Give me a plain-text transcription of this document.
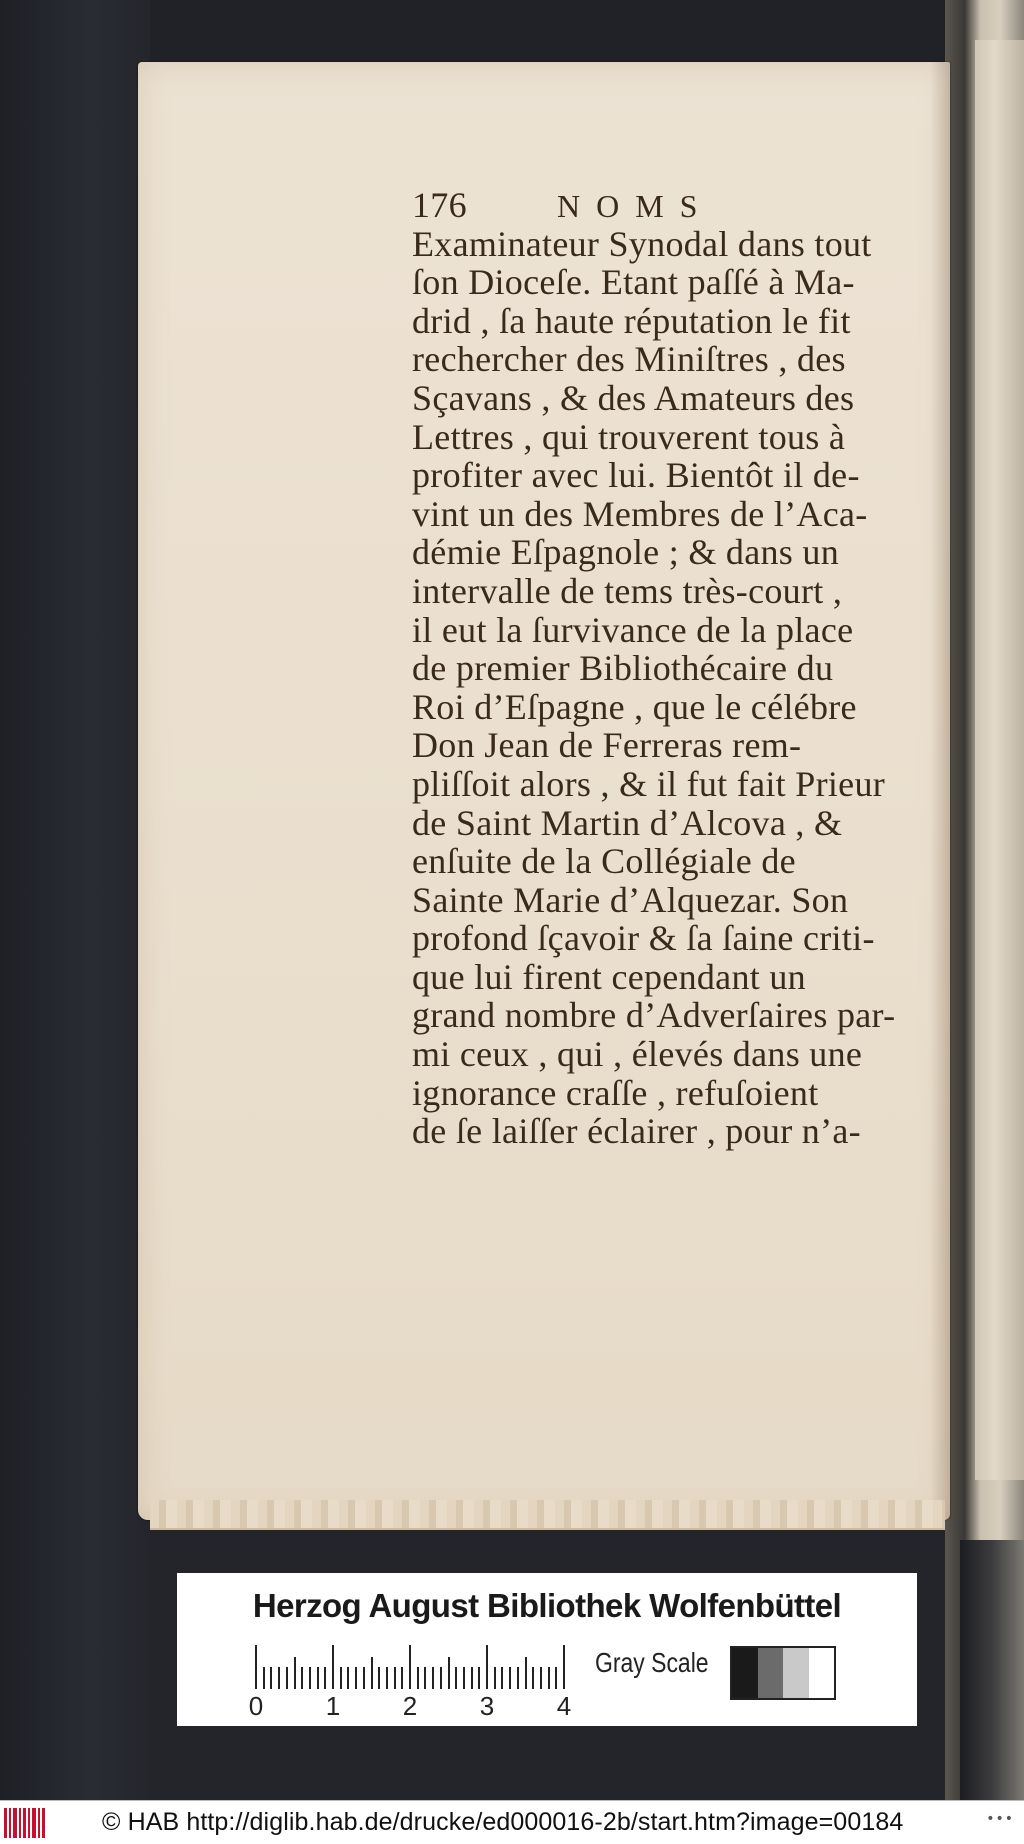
176	NOMS
Examinateur Synodal dans tout
ſon Dioceſe. Etant paſſé à Ma-
drid , ſa haute réputation le fit
rechercher des Miniſtres , des
Sçavans , & des Amateurs des
Lettres , qui trouverent tous à
profiter avec lui. Bientôt il de-
vint un des Membres de l’Aca-
démie Eſpagnole ; & dans un
intervalle de tems très-court ,
il eut la ſurvivance de la place
de premier Bibliothécaire du
Roi d’Eſpagne , que le célébre
Don Jean de Ferreras rem-
pliſſoit alors , & il fut fait Prieur
de Saint Martin d’Alcova , &
enſuite de la Collégiale de
Sainte Marie d’Alquezar. Son
profond ſçavoir & ſa ſaine criti-
que lui firent cependant un
grand nombre d’Adverſaires par-
mi ceux , qui , élevés dans une
ignorance craſſe , refuſoient
de ſe laiſſer éclairer , pour n’a-
Herzog August Bibliothek Wolfenbüttel
0 1 2 3 4
Gray Scale
© HAB http://diglib.hab.de/drucke/ed000016-2b/start.htm?image=00184	•••
